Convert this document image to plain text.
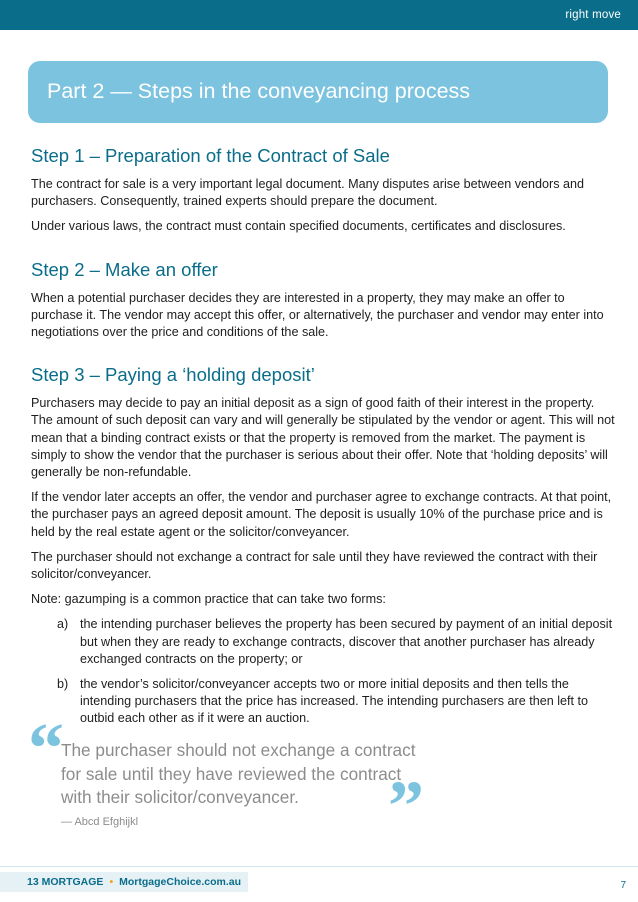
right move
Part 2 — Steps in the conveyancing process
Step 1 – Preparation of the Contract of Sale

The contract for sale is a very important legal document. Many disputes arise between vendors and purchasers. Consequently, trained experts should prepare the document.

Under various laws, the contract must contain specified documents, certificates and disclosures.

Step 2 – Make an offer

When a potential purchaser decides they are interested in a property, they may make an offer to purchase it. The vendor may accept this offer, or alternatively, the purchaser and vendor may enter into negotiations over the price and conditions of the sale.

Step 3 – Paying a ‘holding deposit’

Purchasers may decide to pay an initial deposit as a sign of good faith of their interest in the property. The amount of such deposit can vary and will generally be stipulated by the vendor or agent. This will not mean that a binding contract exists or that the property is removed from the market. The payment is simply to show the vendor that the purchaser is serious about their offer. Note that ‘holding deposits’ will generally be non-refundable.

If the vendor later accepts an offer, the vendor and purchaser agree to exchange contracts. At that point, the purchaser pays an agreed deposit amount. The deposit is usually 10% of the purchase price and is held by the real estate agent or the solicitor/conveyancer.

The purchaser should not exchange a contract for sale until they have reviewed the contract with their solicitor/conveyancer.

Note: gazumping is a common practice that can take two forms:

a) the intending purchaser believes the property has been secured by payment of an initial deposit but when they are ready to exchange contracts, discover that another purchaser has already exchanged contracts on the property; or
b) the vendor’s solicitor/conveyancer accepts two or more initial deposits and then tells the intending purchasers that the price has increased. The intending purchasers are then left to outbid each other as if it were an auction.
“
The purchaser should not exchange a contract for sale until they have reviewed the contract with their solicitor/conveyancer.	”
— Abcd Efghijkl
13 MORTGAGE • MortgageChoice.com.au	7
